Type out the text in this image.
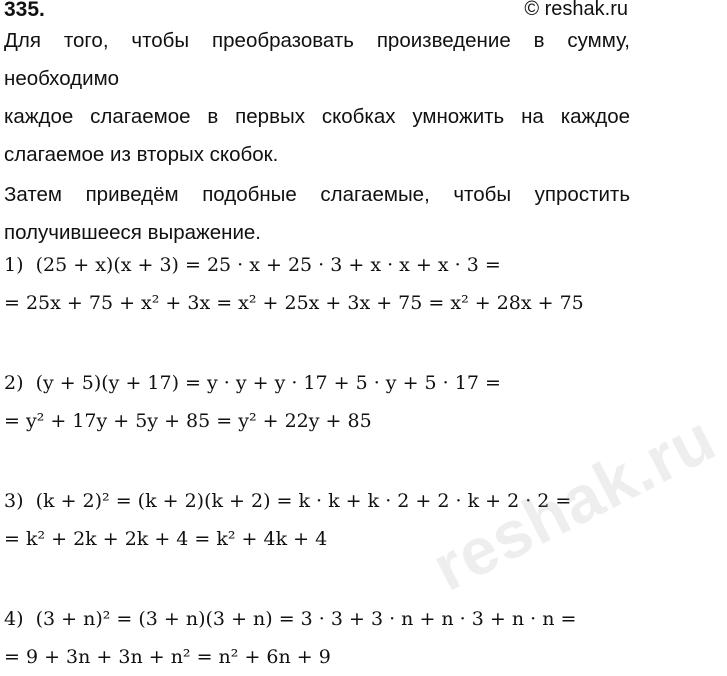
335.	© reshak.ru

Для того, чтобы преобразовать произведение в сумму, необходимо
каждое слагаемое в первых скобках умножить на каждое
слагаемое из вторых скобок.

Затем приведём подобные слагаемые, чтобы упростить
получившееся выражение.

1) (25 + x)(x + 3) = 25 · x + 25 · 3 + x · x + x · 3 =
= 25x + 75 + x² + 3x = x² + 25x + 3x + 75 = x² + 28x + 75
2) (y + 5)(y + 17) = y · y + y · 17 + 5 · y + 5 · 17 =
= y² + 17y + 5y + 85 = y² + 22y + 85
3) (k + 2)² = (k + 2)(k + 2) = k · k + k · 2 + 2 · k + 2 · 2 =
= k² + 2k + 2k + 4 = k² + 4k + 4
4) (3 + n)² = (3 + n)(3 + n) = 3 · 3 + 3 · n + n · 3 + n · n =
= 9 + 3n + 3n + n² = n² + 6n + 9
reshak.ru
